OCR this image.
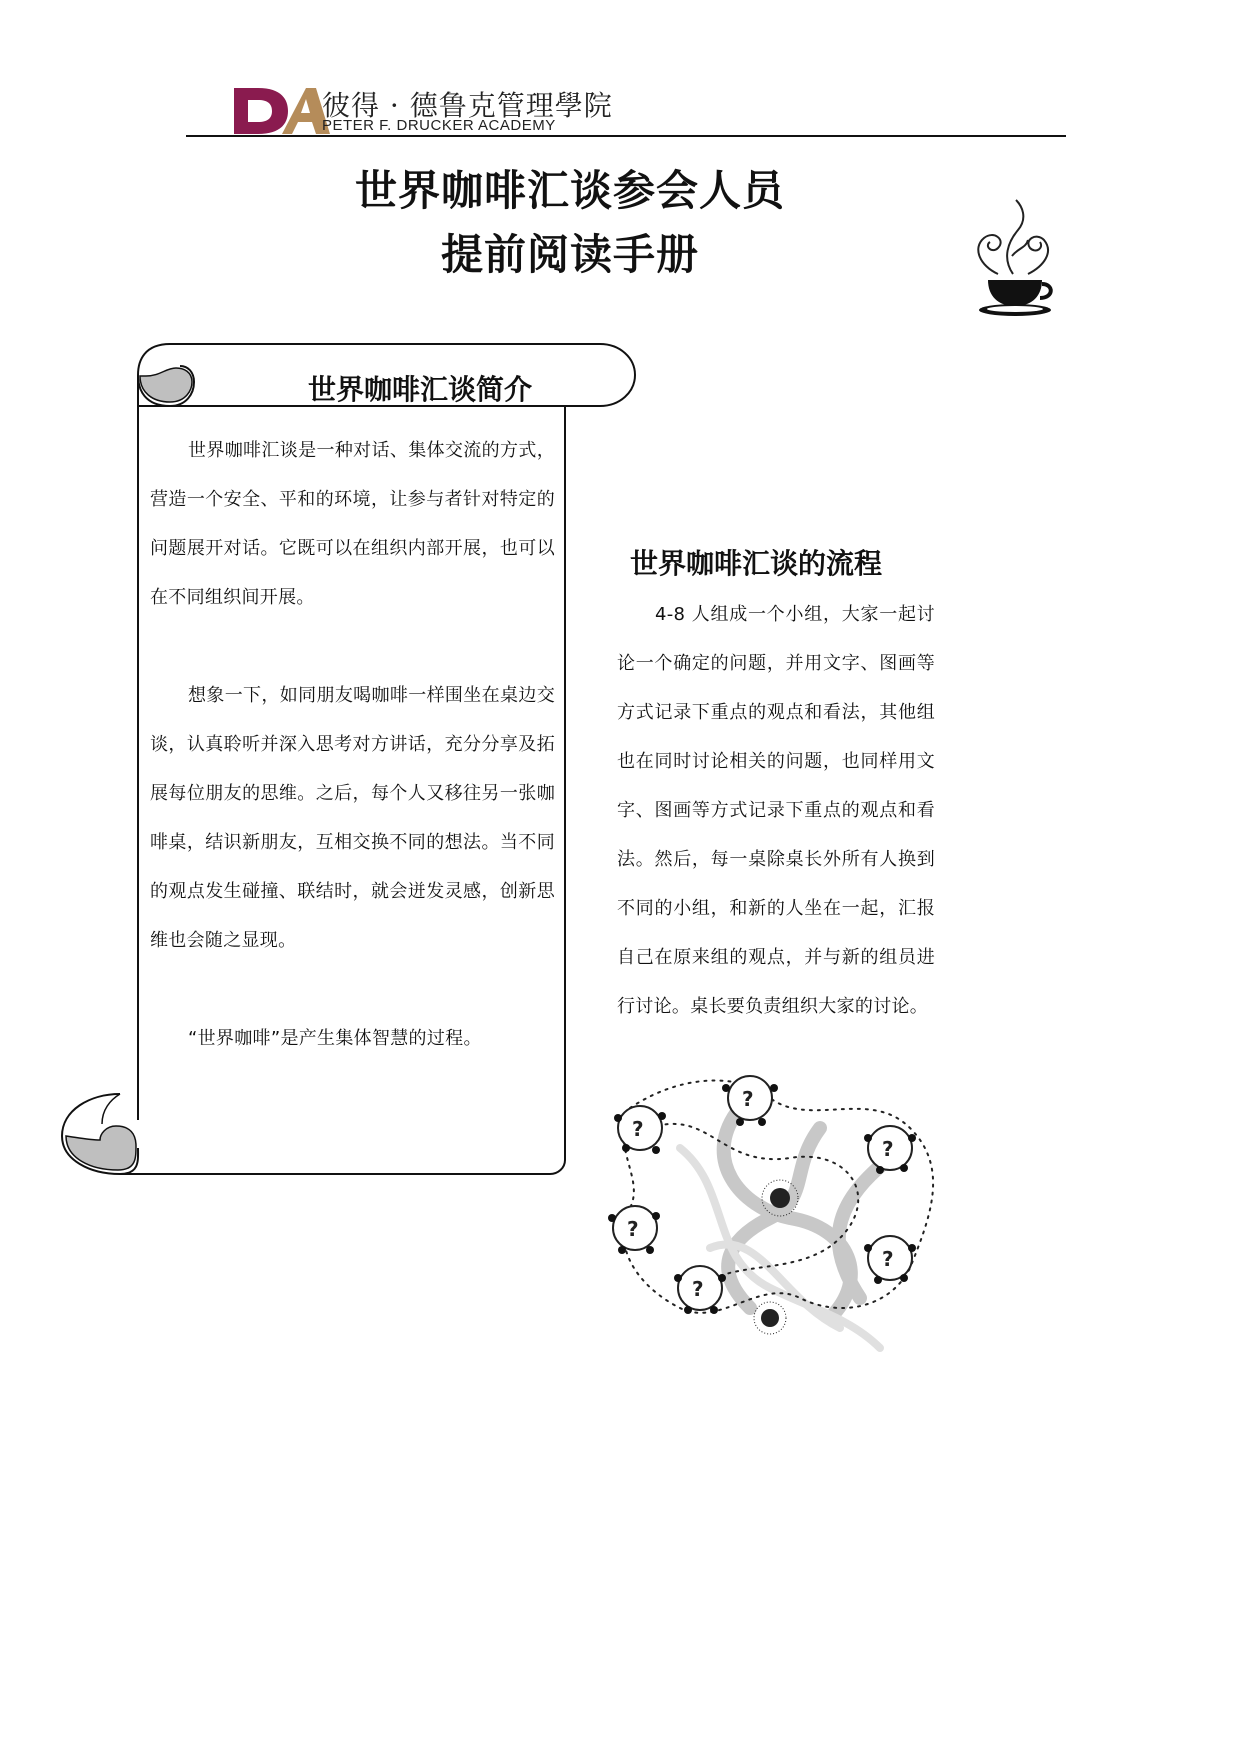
彼得 · 德鲁克管理學院
PETER F. DRUCKER ACADEMY
世界咖啡汇谈参会人员
提前阅读手册
世界咖啡汇谈简介

世界咖啡汇谈是一种对话、集体交流的方式，营造一个安全、平和的环境，让参与者针对特定的问题展开对话。它既可以在组织内部开展，也可以在不同组织间开展。

想象一下，如同朋友喝咖啡一样围坐在桌边交谈，认真聆听并深入思考对方讲话，充分分享及拓展每位朋友的思维。之后，每个人又移往另一张咖啡桌，结识新朋友，互相交换不同的想法。当不同的观点发生碰撞、联结时，就会迸发灵感，创新思维也会随之显现。

“世界咖啡”是产生集体智慧的过程。

世界咖啡汇谈的流程

4-8 人组成一个小组，大家一起讨论一个确定的问题，并用文字、图画等方式记录下重点的观点和看法，其他组也在同时讨论相关的问题，也同样用文字、图画等方式记录下重点的观点和看法。然后，每一桌除桌长外所有人换到不同的小组，和新的人坐在一起，汇报自己在原来组的观点，并与新的组员进行讨论。桌长要负责组织大家的讨论。

?
?
?
?
?
?
